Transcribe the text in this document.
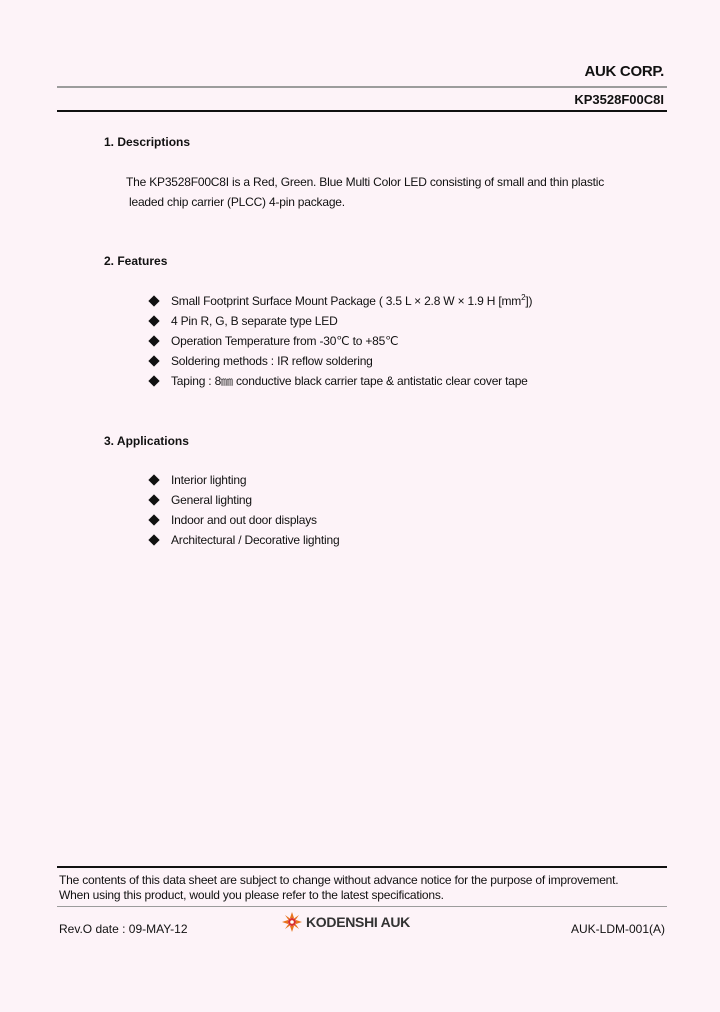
AUK CORP.
KP3528F00C8I
1. Descriptions
The KP3528F00C8I is a Red, Green. Blue Multi Color LED consisting of small and thin plastic
leaded chip carrier (PLCC) 4-pin package.
2. Features
Small Footprint Surface Mount Package ( 3.5 L × 2.8 W × 1.9 H $[mm^2]$)
4 Pin R, G, B separate type LED
Operation Temperature from -30℃ to +85℃
Soldering methods : IR reflow soldering
Taping : 8㎜ conductive black carrier tape & antistatic clear cover tape
3. Applications
Interior lighting
General lighting
Indoor and out door displays
Architectural / Decorative lighting
The contents of this data sheet are subject to change without advance notice for the purpose of improvement.
When using this product, would you please refer to the latest specifications.
Rev.O date : 09-MAY-12	KODENSHI AUK	AUK-LDM-001(A)
